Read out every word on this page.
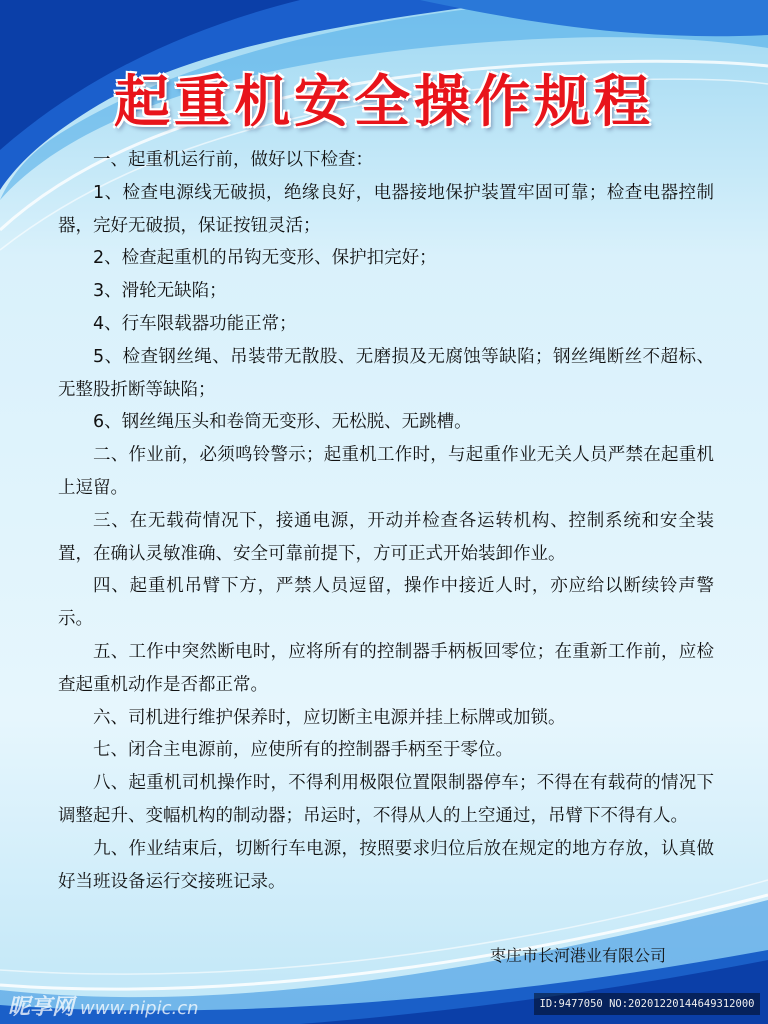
起重机安全操作规程

一、起重机运行前，做好以下检查：

1、检查电源线无破损，绝缘良好，电器接地保护装置牢固可靠；检查电器控制器，完好无破损，保证按钮灵活；

2、检查起重机的吊钩无变形、保护扣完好；

3、滑轮无缺陷；

4、行车限载器功能正常；

5、检查钢丝绳、吊装带无散股、无磨损及无腐蚀等缺陷；钢丝绳断丝不超标、无整股折断等缺陷；

6、钢丝绳压头和卷筒无变形、无松脱、无跳槽。

二、作业前，必须鸣铃警示；起重机工作时，与起重作业无关人员严禁在起重机上逗留。

三、在无载荷情况下，接通电源，开动并检查各运转机构、控制系统和安全装置，在确认灵敏准确、安全可靠前提下，方可正式开始装卸作业。

四、起重机吊臂下方，严禁人员逗留，操作中接近人时，亦应给以断续铃声警示。

五、工作中突然断电时，应将所有的控制器手柄板回零位；在重新工作前，应检查起重机动作是否都正常。

六、司机进行维护保养时，应切断主电源并挂上标牌或加锁。

七、闭合主电源前，应使所有的控制器手柄至于零位。

八、起重机司机操作时，不得利用极限位置限制器停车；不得在有载荷的情况下调整起升、变幅机构的制动器；吊运时，不得从人的上空通过，吊臂下不得有人。

九、作业结束后，切断行车电源，按照要求归位后放在规定的地方存放，认真做好当班设备运行交接班记录。

枣庄市长河港业有限公司
昵享网 www.nipic.cn	ID:9477050 NO:20201220144649312000
